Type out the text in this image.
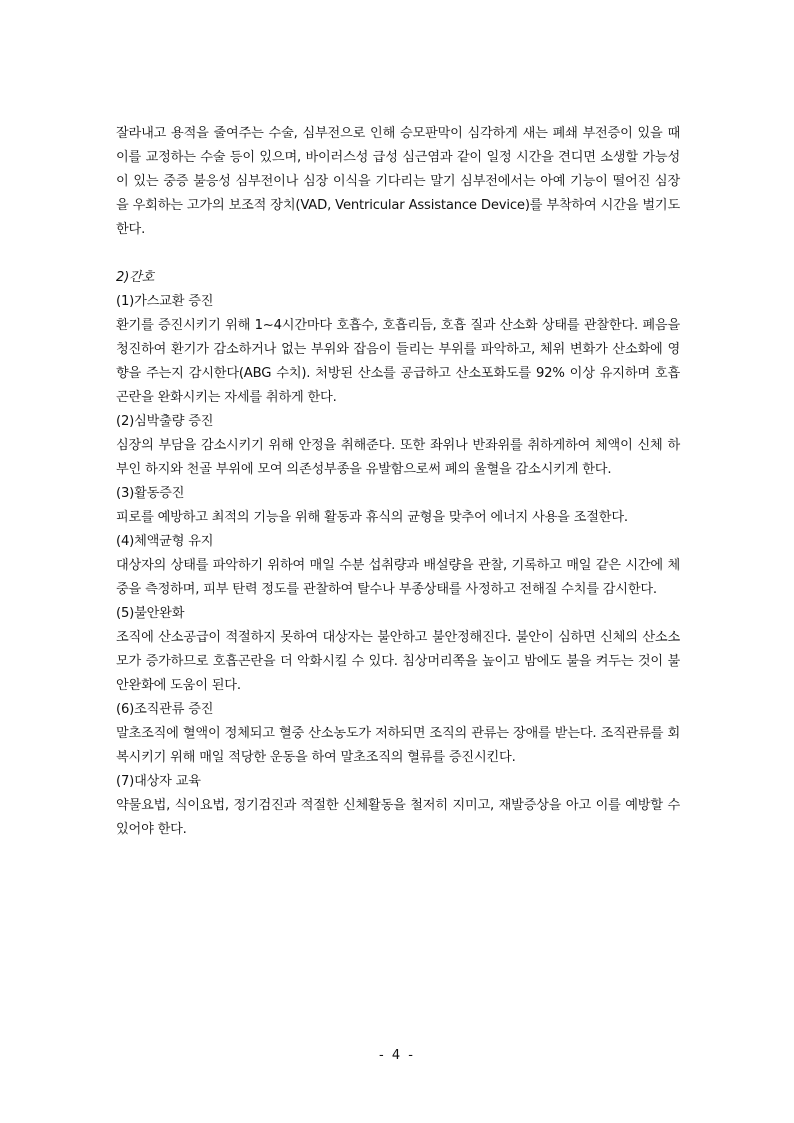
잘라내고 용적을 줄여주는 수술, 심부전으로 인해 승모판막이 심각하게 새는 폐쇄 부전증이 있을 때 이를 교정하는 수술 등이 있으며, 바이러스성 급성 심근염과 같이 일정 시간을 견디면 소생할 가능성이 있는 중증 불응성 심부전이나 심장 이식을 기다리는 말기 심부전에서는 아예 기능이 떨어진 심장을 우회하는 고가의 보조적 장치(VAD, Ventricular Assistance Device)를 부착하여 시간을 벌기도 한다.

2)간호

(1)가스교환 증진

환기를 증진시키기 위해 1~4시간마다 호흡수, 호흡리듬, 호흡 질과 산소화 상태를 관찰한다. 폐음을 청진하여 환기가 감소하거나 없는 부위와 잡음이 들리는 부위를 파악하고, 체위 변화가 산소화에 영향을 주는지 감시한다(ABG 수치). 처방된 산소를 공급하고 산소포화도를 92% 이상 유지하며 호흡곤란을 완화시키는 자세를 취하게 한다.

(2)심박출량 증진

심장의 부담을 감소시키기 위해 안정을 취해준다. 또한 좌위나 반좌위를 취하게하여 체액이 신체 하부인 하지와 천골 부위에 모여 의존성부종을 유발함으로써 폐의 울혈을 감소시키게 한다.

(3)활동증진

피로를 예방하고 최적의 기능을 위해 활동과 휴식의 균형을 맞추어 에너지 사용을 조절한다.

(4)체액균형 유지

대상자의 상태를 파악하기 위하여 매일 수분 섭취량과 배설량을 관찰, 기록하고 매일 같은 시간에 체중을 측정하며, 피부 탄력 정도를 관찰하여 탈수나 부종상태를 사정하고 전해질 수치를 감시한다.

(5)불안완화

조직에 산소공급이 적절하지 못하여 대상자는 불안하고 불안정해진다. 불안이 심하면 신체의 산소소모가 증가하므로 호흡곤란을 더 악화시킬 수 있다. 침상머리쪽을 높이고 밤에도 불을 켜두는 것이 불안완화에 도움이 된다.

(6)조직관류 증진

말초조직에 혈액이 정체되고 혈중 산소농도가 저하되면 조직의 관류는 장애를 받는다. 조직관류를 회복시키기 위해 매일 적당한 운동을 하여 말초조직의 혈류를 증진시킨다.

(7)대상자 교육

약물요법, 식이요법, 정기검진과 적절한 신체활동을 철저히 지미고, 재발증상을 아고 이를 예방할 수 있어야 한다.

- 4 -
